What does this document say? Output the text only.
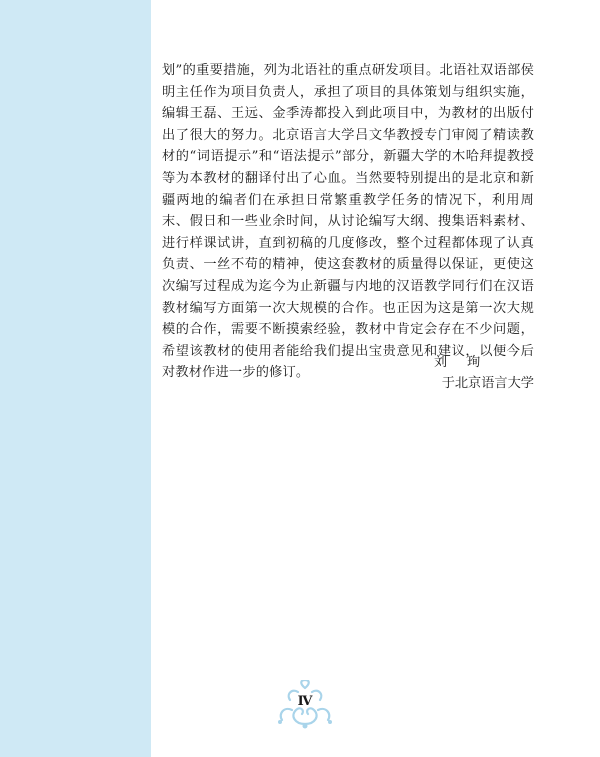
划”的重要措施，列为北语社的重点研发项目。北语社双语部侯明主任作为项目负责人，承担了项目的具体策划与组织实施，编辑王磊、王远、金季涛都投入到此项目中，为教材的出版付出了很大的努力。北京语言大学吕文华教授专门审阅了精读教材的“词语提示”和“语法提示”部分，新疆大学的木哈拜提教授等为本教材的翻译付出了心血。当然要特别提出的是北京和新疆两地的编者们在承担日常繁重教学任务的情况下，利用周末、假日和一些业余时间，从讨论编写大纲、搜集语料素材、进行样课试讲，直到初稿的几度修改，整个过程都体现了认真负责、一丝不苟的精神，使这套教材的质量得以保证，更使这次编写过程成为迄今为止新疆与内地的汉语教学同行们在汉语教材编写方面第一次大规模的合作。也正因为这是第一次大规模的合作，需要不断摸索经验，教材中肯定会存在不少问题，希望该教材的使用者能给我们提出宝贵意见和建议，以便今后对教材作进一步的修订。

刘珣
于北京语言大学
Ⅳ
